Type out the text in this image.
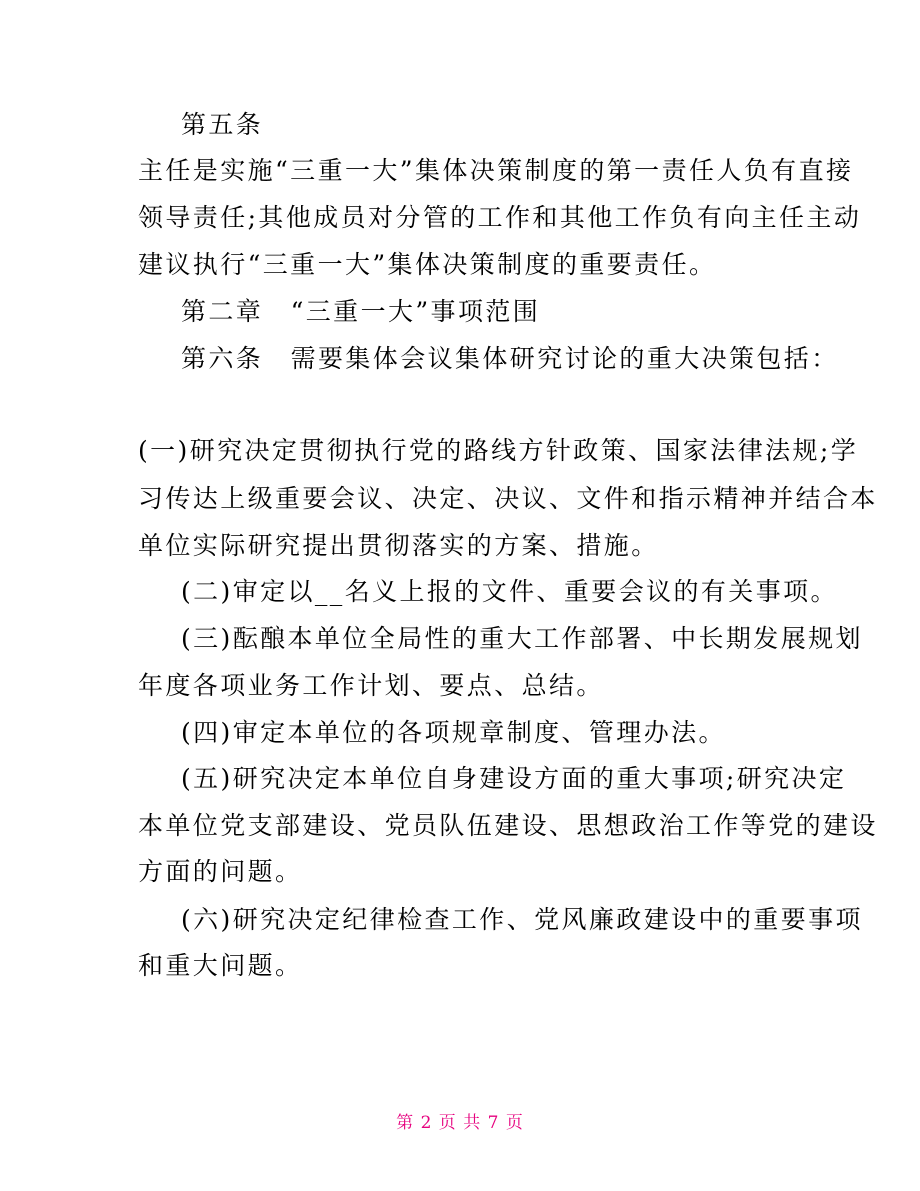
第五条
主任是实施“三重一大”集体决策制度的第一责任人负有直接
领导责任;其他成员对分管的工作和其他工作负有向主任主动
建议执行“三重一大”集体决策制度的重要责任。
第二章　“三重一大”事项范围
第六条　需要集体会议集体研究讨论的重大决策包括：
(一)研究决定贯彻执行党的路线方针政策、国家法律法规;学
习传达上级重要会议、决定、决议、文件和指示精神并结合本
单位实际研究提出贯彻落实的方案、措施。
(二)审定以__名义上报的文件、重要会议的有关事项。
(三)酝酿本单位全局性的重大工作部署、中长期发展规划
年度各项业务工作计划、要点、总结。
(四)审定本单位的各项规章制度、管理办法。
(五)研究决定本单位自身建设方面的重大事项;研究决定
本单位党支部建设、党员队伍建设、思想政治工作等党的建设
方面的问题。
(六)研究决定纪律检查工作、党风廉政建设中的重要事项
和重大问题。
第 2 页 共 7 页
